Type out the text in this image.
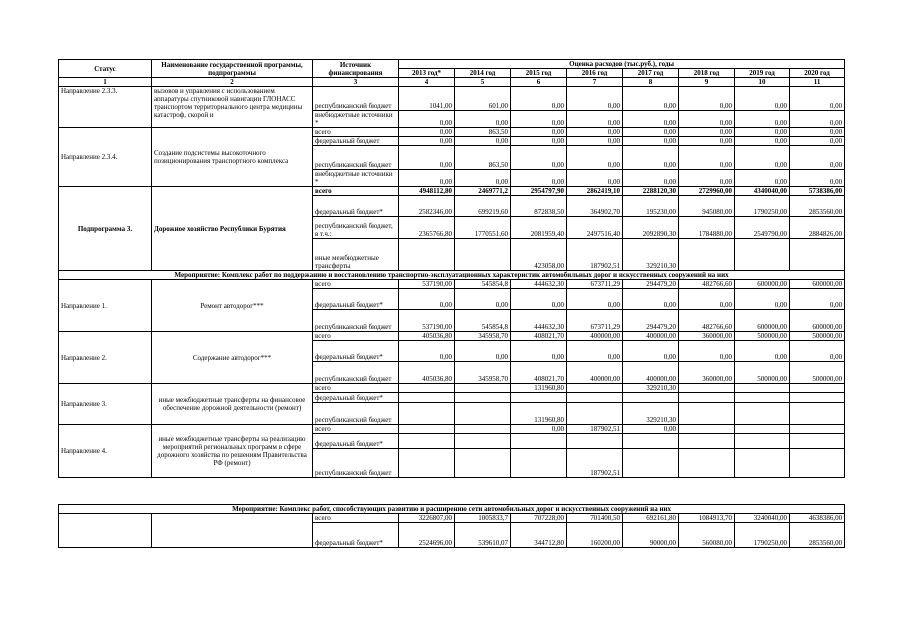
Статус	Наименование государственной программы, подпрограммы	Источник финансирования	Оценка расходов (тыс.руб.), годы							
			2013 год*	2014 год	2015 год	2016 год	2017 год	2018 год	2019 год	2020 год
1	2	3	4	5	6	7	8	9	10	11
Направление 2.3.3.	вызовов и управления с использованием аппаратуры спутниковой навигации ГЛОНАСС транспортом территориального центра медицины катастроф, скорой и	республиканский бюджет	1041,00	601,00	0,00	0,00	0,00	0,00	0,00	0,00
		внебюджетные источники *	0,00	0,00	0,00	0,00	0,00	0,00	0,00	0,00
Направление 2.3.4.	Создание подсистемы высокоточного позиционирования транспортного комплекса	всего	0,00	863,50	0,00	0,00	0,00	0,00	0,00	0,00
		федеральный бюджет	0,00	0,00	0,00	0,00	0,00	0,00	0,00	0,00
		республиканский бюджет	0,00	863,50	0,00	0,00	0,00	0,00	0,00	0,00
		внебюджетные источники *	0,00	0,00	0,00	0,00	0,00	0,00	0,00	0,00
Подпрограмма 3.	Дорожное хозяйство Республики Бурятия	всего	4948112,80	2469771,2	2954797,90	2862419,10	2288120,30	2729960,00	4340040,00	5738386,00
		федеральный бюджет*	2582346,00	699219,60	872838,50	364902,70	195230,00	945080,00	1790250,00	2853560,00
		республиканский бюджет, в т.ч.:	2365766,80	1770551,60	2081959,40	2497516,40	2092890,30	1784880,00	2549790,00	2884826,00
		иные межбюджетные трансферты			423058,00	187902,51	329210,30			
Мероприятие: Комплекс работ по поддержанию и восстановлению транспортно-эксплуатационных характеристик автомобильных дорог и искусственных сооружений на них										
Направление 1.	Ремонт автодорог***	всего	537190,00	545854,8	444632,30	673711,29	294479,20	482766,60	600000,00	600000,00
		федеральный бюджет*	0,00	0,00	0,00	0,00	0,00	0,00	0,00	0,00
		республиканский бюджет	537190,00	545854,8	444632,30	673711,29	294479,20	482766,60	600000,00	600000,00
Направление 2.	Содержание автодорог***	всего	405036,80	345958,70	408021,70	400000,00	400000,00	360000,00	500000,00	500000,00
		федеральный бюджет*	0,00	0,00	0,00	0,00	0,00	0,00	0,00	0,00
		республиканский бюджет	405036,80	345958,70	408021,70	400000,00	400000,00	360000,00	500000,00	500000,00
Направление 3.	иные межбюджетные трансферты на финансовое обеспечение дорожной деятельности (ремонт)	всего			131960,80		329210,30			
		федеральный бюджет*								
		республиканский бюджет			131960,80		329210,30			
Направление 4.	иные межбюджетные трансферты на реализацию мероприятий региональных программ в сфере дорожного хозяйства по решениям Правительства РФ (ремонт)	всего			0,00	187902,51	0,00			
		федеральный бюджет*								
		республиканский бюджет				187902,51				
Мероприятие: Комплекс работ, способствующих развитию и расширению сети автомобильных дорог и искусственных сооружений на них										
		всего	3226807,00	1005833,7	707228,00	701400,50	692161,80	1084913,70	3240040,00	4638386,00
		федеральный бюджет*	2524696,00	539610,07	344712,80	160200,00	90000,00	560080,00	1790250,00	2853560,00
